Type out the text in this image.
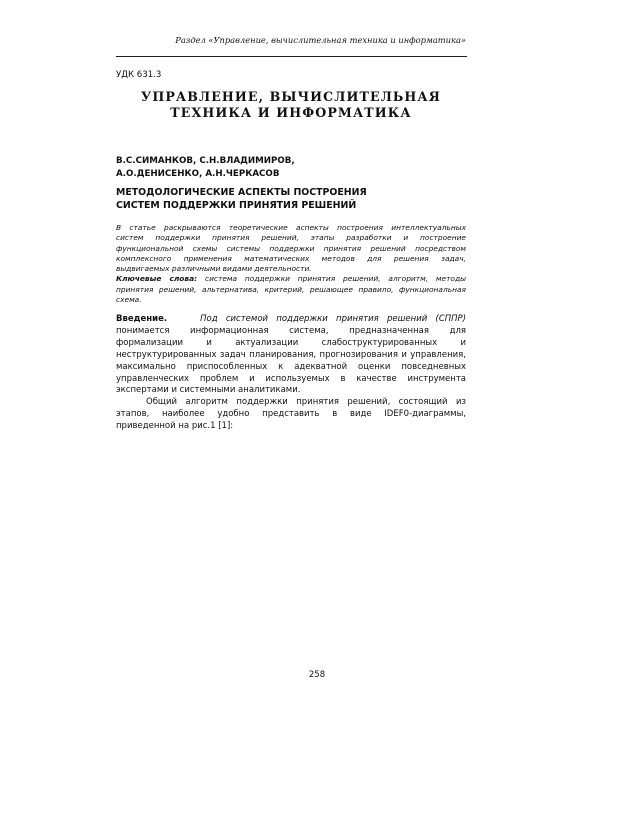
Раздел «Управление, вычислительная техника и информатика»
УДК 631.3
УПРАВЛЕНИЕ, ВЫЧИСЛИТЕЛЬНАЯ
ТЕХНИКА И ИНФОРМАТИКА
В.С.СИМАНКОВ, С.Н.ВЛАДИМИРОВ,
А.О.ДЕНИСЕНКО, А.Н.ЧЕРКАСОВ
МЕТОДОЛОГИЧЕСКИЕ АСПЕКТЫ ПОСТРОЕНИЯ
СИСТЕМ ПОДДЕРЖКИ ПРИНЯТИЯ РЕШЕНИЙ
В статье раскрываются теоретические аспекты построения интеллектуальных
систем поддержки принятия решений, этапы разработки и построение
функциональной схемы системы поддержки принятия решений посредством
комплексного применения математических методов для решения задач,
выдвигаемых различными видами деятельности.
Ключевые слова: система поддержки принятия решений, алгоритм, методы
принятия решений, альтернатива, критерий, решающее правило, функциональная
схема.
Введение.	Под системой поддержки принятия решений (СППР)
понимается информационная система, предназначенная для
формализации и актуализации слабоструктурированных и
неструктурированных задач планирования, прогнозирования и управления,
максимально приспособленных к адекватной оценки повседневных
управленческих проблем и используемых в качестве инструмента
экспертами и системными аналитиками.
Общий алгоритм поддержки принятия решений, состоящий из
этапов, наиболее удобно представить в виде IDEF0-диаграммы,
приведенной на рис.1 [1]:
258
